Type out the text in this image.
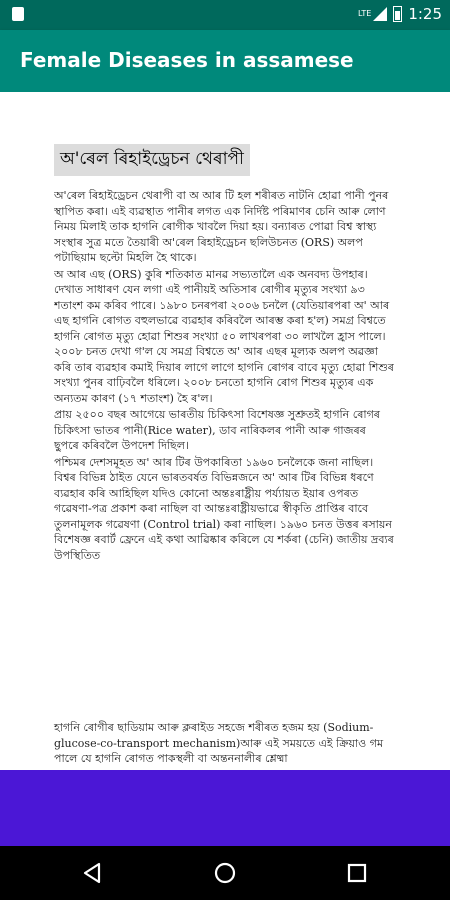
LTE 1:25
Female Diseases in assamese
অ'ৰেল ৰিহাইড্ৰেচন থেৰাপী

অ'ৰেল ৰিহাইড্ৰেচন থেৰাপী বা অ আৰ টি হল শৰীৰত নাটনি হোৱা পানী পুনৰ স্থাপিত কৰা। এই ব্যৱস্থাত পানীৰ লগত এক নিৰ্দিষ্ট পৰিমাণৰ চেনি আৰু লোণ নিময় মিলাই তাক হাগনি ৰোগীক খাবলৈ দিয়া হয়। বন্যাৰত পোৱা বিশ্ব স্বাস্থ্য সংস্থাৰ সুত্ৰ মতে তৈয়াৰী অ'ৰেল ৰিহাইড্ৰেচন ছলিউচনত (ORS) অলপ পটাছিয়াম ছল্টো মিহলি হৈ থাকে।

অ আৰ এছ (ORS) কুৰি শতিকাত মানৱ সভ্যতালৈ এক অনবদ্য উপহাৰ। দেখাত সাধাৰণ যেন লগা এই পানীয়ই অতিসাৰ ৰোগীৰ মৃত্যুৰ সংখ্যা ৯৩ শতাংশ কম কৰিব পাৰে। ১৯৮০ চনৰপৰা ২০০৬ চনলৈ (যেতিয়াৰপৰা অ' আৰ এছ হাগনি ৰোগত বহুলভাৱে ব্যৱহাৰ কৰিবলৈ আৰম্ভ কৰা হ'ল) সমগ্ৰ বিশ্বতে হাগনি ৰোগত মৃত্যু হোৱা শিশুৰ সংখ্যা ৫০ লাখৰপৰা ৩০ লাখলৈ হ্ৰাস পালে। ২০০৮ চনত দেখা গ'ল যে সমগ্ৰ বিশ্বতে অ' আৰ এছৰ মূল্যক অলপ অৱজ্ঞা কৰি তাৰ ব্যৱহাৰ কমাই দিয়াৰ লাগে লাগে হাগনি ৰোগৰ বাবে মৃত্যু হোৱা শিশুৰ সংখ্যা পুনৰ বাঢ়িবলৈ ধৰিলে। ২০০৮ চনতো হাগনি ৰোগ শিশুৰ মৃত্যুৰ এক অন্যতম কাৰণ (১৭ শতাংশ) হৈ ৰ'ল।

প্ৰায় ২৫০০ বছৰ আগেয়ে ভাৰতীয় চিকিৎসা বিশেষজ্ঞ সুশ্ৰুতই হাগনি ৰোগৰ চিকিৎসা ভাতৰ পানী(Rice water), ডাব নাৰিকলৰ পানী আৰু গাজৰৰ ছুপৰে কৰিবলৈ উপদেশ দিছিল।

পশ্চিমৰ দেশসমূহত অ' আৰ টিৰ উপকাৰিতা ১৯৬০ চনলৈকে জনা নাছিল। বিশ্বৰ বিভিন্ন ঠাইত যেনে ভাৰতবৰ্ষত বিভিন্নজনে অ' আৰ টিৰ বিভিন্ন ধৰণে ব্যৱহাৰ কৰি আহিছিল যদিও কোনো অন্তঃৰাষ্ট্ৰীয় পৰ্য্যায়ত ইয়াৰ ওপৰত গৱেষণা-পত্ৰ প্ৰকাশ কৰা নাছিল বা আন্তঃৰাষ্ট্ৰীয়ভাৱে স্বীকৃতি প্ৰাপ্তিৰ বাবে তুলনামূলক গৱেষণা (Control trial) কৰা নাছিল। ১৯৬০ চনত উত্তৰ ৰসায়ন বিশেষজ্ঞ ৰবাৰ্ট ফ্ৰেনে এই কথা আৱিষ্কাৰ কৰিলে যে শৰ্কৰা (চেনি) জাতীয় দ্ৰব্যৰ উপস্থিতিত

হাগনি ৰোগীৰ ছাডিয়াম আৰু ক্লৰাইড সহজে শৰীৰত হজম হয় (Sodium-glucose-co-transport mechanism)আৰু এই সময়তে এই ক্ৰিয়াও গম পালে যে হাগনি ৰোগত পাকস্থলী বা অন্তননালীৰ শ্লেষ্মা
